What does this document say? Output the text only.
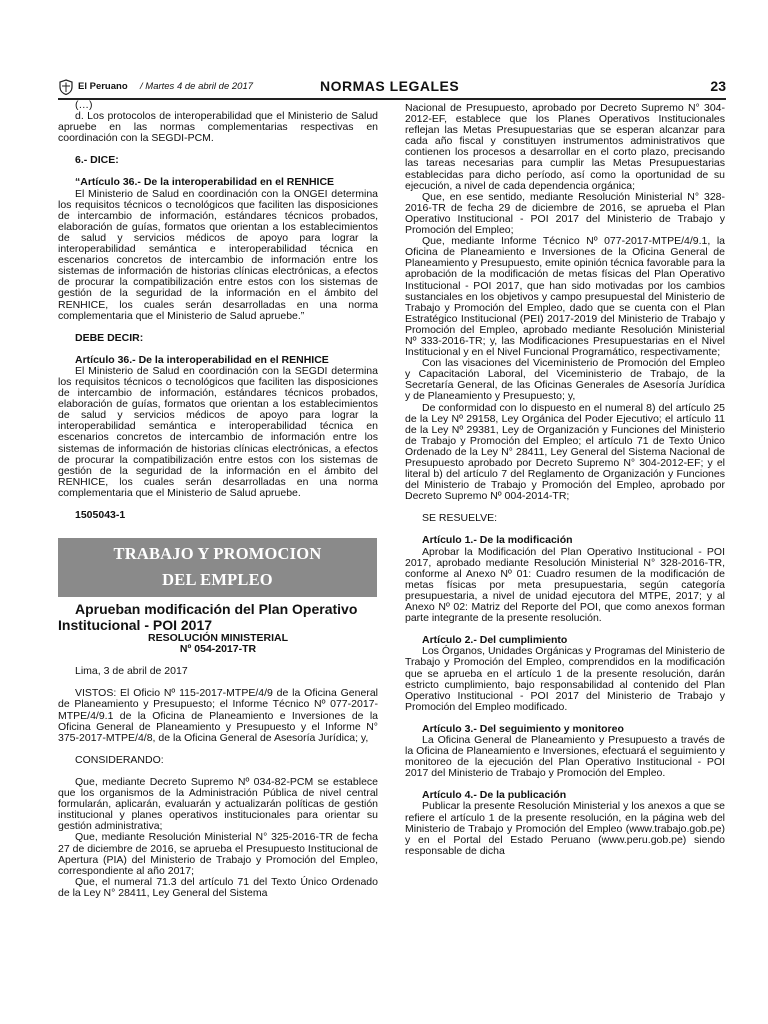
El Peruano / Martes 4 de abril de 2017	NORMAS LEGALES	23

(…)

d. Los protocolos de interoperabilidad que el Ministerio de Salud apruebe en las normas complementarias respectivas en coordinación con la SEGDI-PCM.

6.- DICE:

“Artículo 36.- De la interoperabilidad en el RENHICE

El Ministerio de Salud en coordinación con la ONGEI determina los requisitos técnicos o tecnológicos que faciliten las disposiciones de intercambio de información, estándares técnicos probados, elaboración de guías, formatos que orientan a los establecimientos de salud y servicios médicos de apoyo para lograr la interoperabilidad semántica e interoperabilidad técnica en escenarios concretos de intercambio de información entre los sistemas de información de historias clínicas electrónicas, a efectos de procurar la compatibilización entre estos con los sistemas de gestión de la seguridad de la información en el ámbito del RENHICE, los cuales serán desarrolladas en una norma complementaria que el Ministerio de Salud apruebe.”

DEBE DECIR:

Artículo 36.- De la interoperabilidad en el RENHICE

El Ministerio de Salud en coordinación con la SEGDI determina los requisitos técnicos o tecnológicos que faciliten las disposiciones de intercambio de información, estándares técnicos probados, elaboración de guías, formatos que orientan a los establecimientos de salud y servicios médicos de apoyo para lograr la interoperabilidad semántica e interoperabilidad técnica en escenarios concretos de intercambio de información entre los sistemas de información de historias clínicas electrónicas, a efectos de procurar la compatibilización entre estos con los sistemas de gestión de la seguridad de la información en el ámbito del RENHICE, los cuales serán desarrolladas en una norma complementaria que el Ministerio de Salud apruebe.

1505043-1

TRABAJO Y PROMOCION
DEL EMPLEO

Aprueban modificación del Plan Operativo Institucional - POI 2017

RESOLUCIÓN MINISTERIAL

Nº 054-2017-TR

Lima, 3 de abril de 2017

VISTOS: El Oficio Nº 115-2017-MTPE/4/9 de la Oficina General de Planeamiento y Presupuesto; el Informe Técnico Nº 077-2017-MTPE/4/9.1 de la Oficina de Planeamiento e Inversiones de la Oficina General de Planeamiento y Presupuesto y el Informe N° 375-2017-MTPE/4/8, de la Oficina General de Asesoría Jurídica; y,

CONSIDERANDO:

Que, mediante Decreto Supremo Nº 034-82-PCM se establece que los organismos de la Administración Pública de nivel central formularán, aplicarán, evaluarán y actualizarán políticas de gestión institucional y planes operativos institucionales para orientar su gestión administrativa;

Que, mediante Resolución Ministerial N° 325-2016-TR de fecha 27 de diciembre de 2016, se aprueba el Presupuesto Institucional de Apertura (PIA) del Ministerio de Trabajo y Promoción del Empleo, correspondiente al año 2017;

Que, el numeral 71.3 del artículo 71 del Texto Único Ordenado de la Ley N° 28411, Ley General del Sistema

Nacional de Presupuesto, aprobado por Decreto Supremo N° 304-2012-EF, establece que los Planes Operativos Institucionales reflejan las Metas Presupuestarias que se esperan alcanzar para cada año fiscal y constituyen instrumentos administrativos que contienen los procesos a desarrollar en el corto plazo, precisando las tareas necesarias para cumplir las Metas Presupuestarias establecidas para dicho período, así como la oportunidad de su ejecución, a nivel de cada dependencia orgánica;

Que, en ese sentido, mediante Resolución Ministerial N° 328-2016-TR de fecha 29 de diciembre de 2016, se aprueba el Plan Operativo Institucional - POI 2017 del Ministerio de Trabajo y Promoción del Empleo;

Que, mediante Informe Técnico Nº 077-2017-MTPE/4/9.1, la Oficina de Planeamiento e Inversiones de la Oficina General de Planeamiento y Presupuesto, emite opinión técnica favorable para la aprobación de la modificación de metas físicas del Plan Operativo Institucional - POI 2017, que han sido motivadas por los cambios sustanciales en los objetivos y campo presupuestal del Ministerio de Trabajo y Promoción del Empleo, dado que se cuenta con el Plan Estratégico Institucional (PEI) 2017-2019 del Ministerio de Trabajo y Promoción del Empleo, aprobado mediante Resolución Ministerial Nº 333-2016-TR; y, las Modificaciones Presupuestarias en el Nivel Institucional y en el Nivel Funcional Programático, respectivamente;

Con las visaciones del Viceministerio de Promoción del Empleo y Capacitación Laboral, del Viceministerio de Trabajo, de la Secretaría General, de las Oficinas Generales de Asesoría Jurídica y de Planeamiento y Presupuesto; y,

De conformidad con lo dispuesto en el numeral 8) del artículo 25 de la Ley Nº 29158, Ley Orgánica del Poder Ejecutivo; el artículo 11 de la Ley Nº 29381, Ley de Organización y Funciones del Ministerio de Trabajo y Promoción del Empleo; el artículo 71 de Texto Único Ordenado de la Ley N° 28411, Ley General del Sistema Nacional de Presupuesto aprobado por Decreto Supremo N° 304-2012-EF; y el literal b) del artículo 7 del Reglamento de Organización y Funciones del Ministerio de Trabajo y Promoción del Empleo, aprobado por Decreto Supremo Nº 004-2014-TR;

SE RESUELVE:

Artículo 1.- De la modificación

Aprobar la Modificación del Plan Operativo Institucional - POI 2017, aprobado mediante Resolución Ministerial N° 328-2016-TR, conforme al Anexo Nº 01: Cuadro resumen de la modificación de metas físicas por meta presupuestaria, según categoría presupuestaria, a nivel de unidad ejecutora del MTPE, 2017; y al Anexo Nº 02: Matriz del Reporte del POI, que como anexos forman parte integrante de la presente resolución.

Artículo 2.- Del cumplimiento

Los Órganos, Unidades Orgánicas y Programas del Ministerio de Trabajo y Promoción del Empleo, comprendidos en la modificación que se aprueba en el artículo 1 de la presente resolución, darán estricto cumplimiento, bajo responsabilidad al contenido del Plan Operativo Institucional - POI 2017 del Ministerio de Trabajo y Promoción del Empleo modificado.

Artículo 3.- Del seguimiento y monitoreo

La Oficina General de Planeamiento y Presupuesto a través de la Oficina de Planeamiento e Inversiones, efectuará el seguimiento y monitoreo de la ejecución del Plan Operativo Institucional - POI 2017 del Ministerio de Trabajo y Promoción del Empleo.

Artículo 4.- De la publicación

Publicar la presente Resolución Ministerial y los anexos a que se refiere el artículo 1 de la presente resolución, en la página web del Ministerio de Trabajo y Promoción del Empleo (www.trabajo.gob.pe) y en el Portal del Estado Peruano (www.peru.gob.pe) siendo responsable de dicha
